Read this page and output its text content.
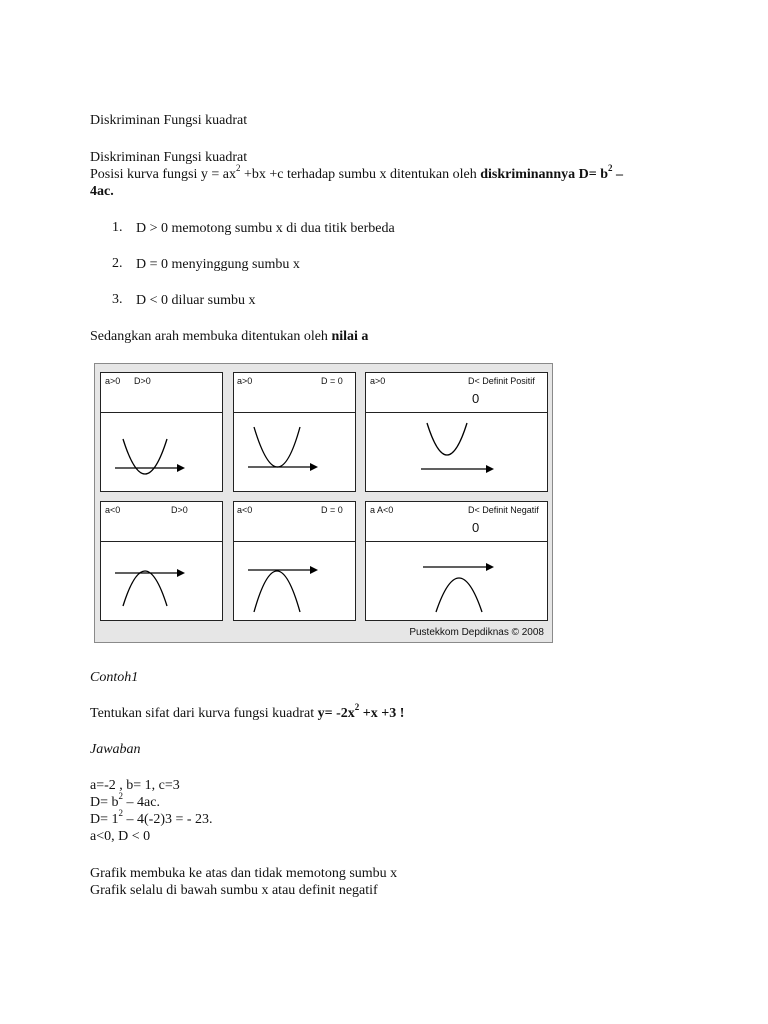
Diskriminan Fungsi kuadrat
Diskriminan Fungsi kuadrat
Posisi kurva fungsi $y = ax^2 +bx +c$ terhadap sumbu x ditentukan oleh diskriminannya $D= b^2$ –
4ac.
1. D > 0 memotong sumbu x di dua titik berbeda
2. D = 0 menyinggung sumbu x
3. D < 0 diluar sumbu x
Sedangkan arah membuka ditentukan oleh nilai a
a>0 D>0	a>0	D = 0	a>0	D< Definit Positif
0
a<0	D>0	a<0	D = 0	a A<0	D< Definit Negatif
0
Pustekkom Depdiknas © 2008
Contoh1
Tentukan sifat dari kurva fungsi kuadrat $y= -2x^2 +x +3$ !
Jawaban
a=-2 , b= 1, c=3
$D= b^2 - 4ac$.
$D= 1^2 - 4(-2)3$ = - 23.
a<0, D < 0
Grafik membuka ke atas dan tidak memotong sumbu x
Grafik selalu di bawah sumbu x atau definit negatif
